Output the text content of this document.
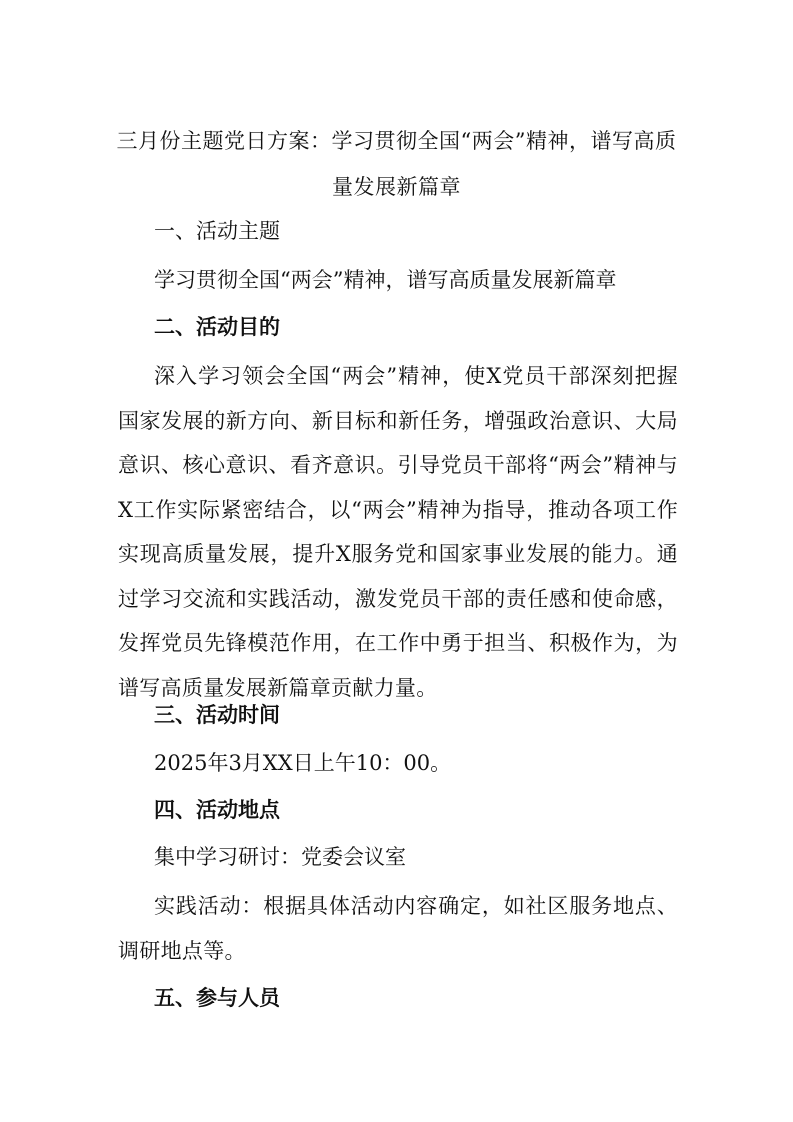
三月份主题党日方案：学习贯彻全国“两会”精神，谱写高质量发展新篇章
一、活动主题
学习贯彻全国“两会”精神，谱写高质量发展新篇章
二、活动目的
深入学习领会全国“两会”精神，使X党员干部深刻把握国家发展的新方向、新目标和新任务，增强政治意识、大局意识、核心意识、看齐意识。引导党员干部将“两会”精神与X工作实际紧密结合，以“两会”精神为指导，推动各项工作实现高质量发展，提升X服务党和国家事业发展的能力。通过学习交流和实践活动，激发党员干部的责任感和使命感，发挥党员先锋模范作用，在工作中勇于担当、积极作为，为谱写高质量发展新篇章贡献力量。
三、活动时间
2025年3月XX日上午10：00。
四、活动地点
集中学习研讨：党委会议室
实践活动：根据具体活动内容确定，如社区服务地点、调研地点等。
五、参与人员
